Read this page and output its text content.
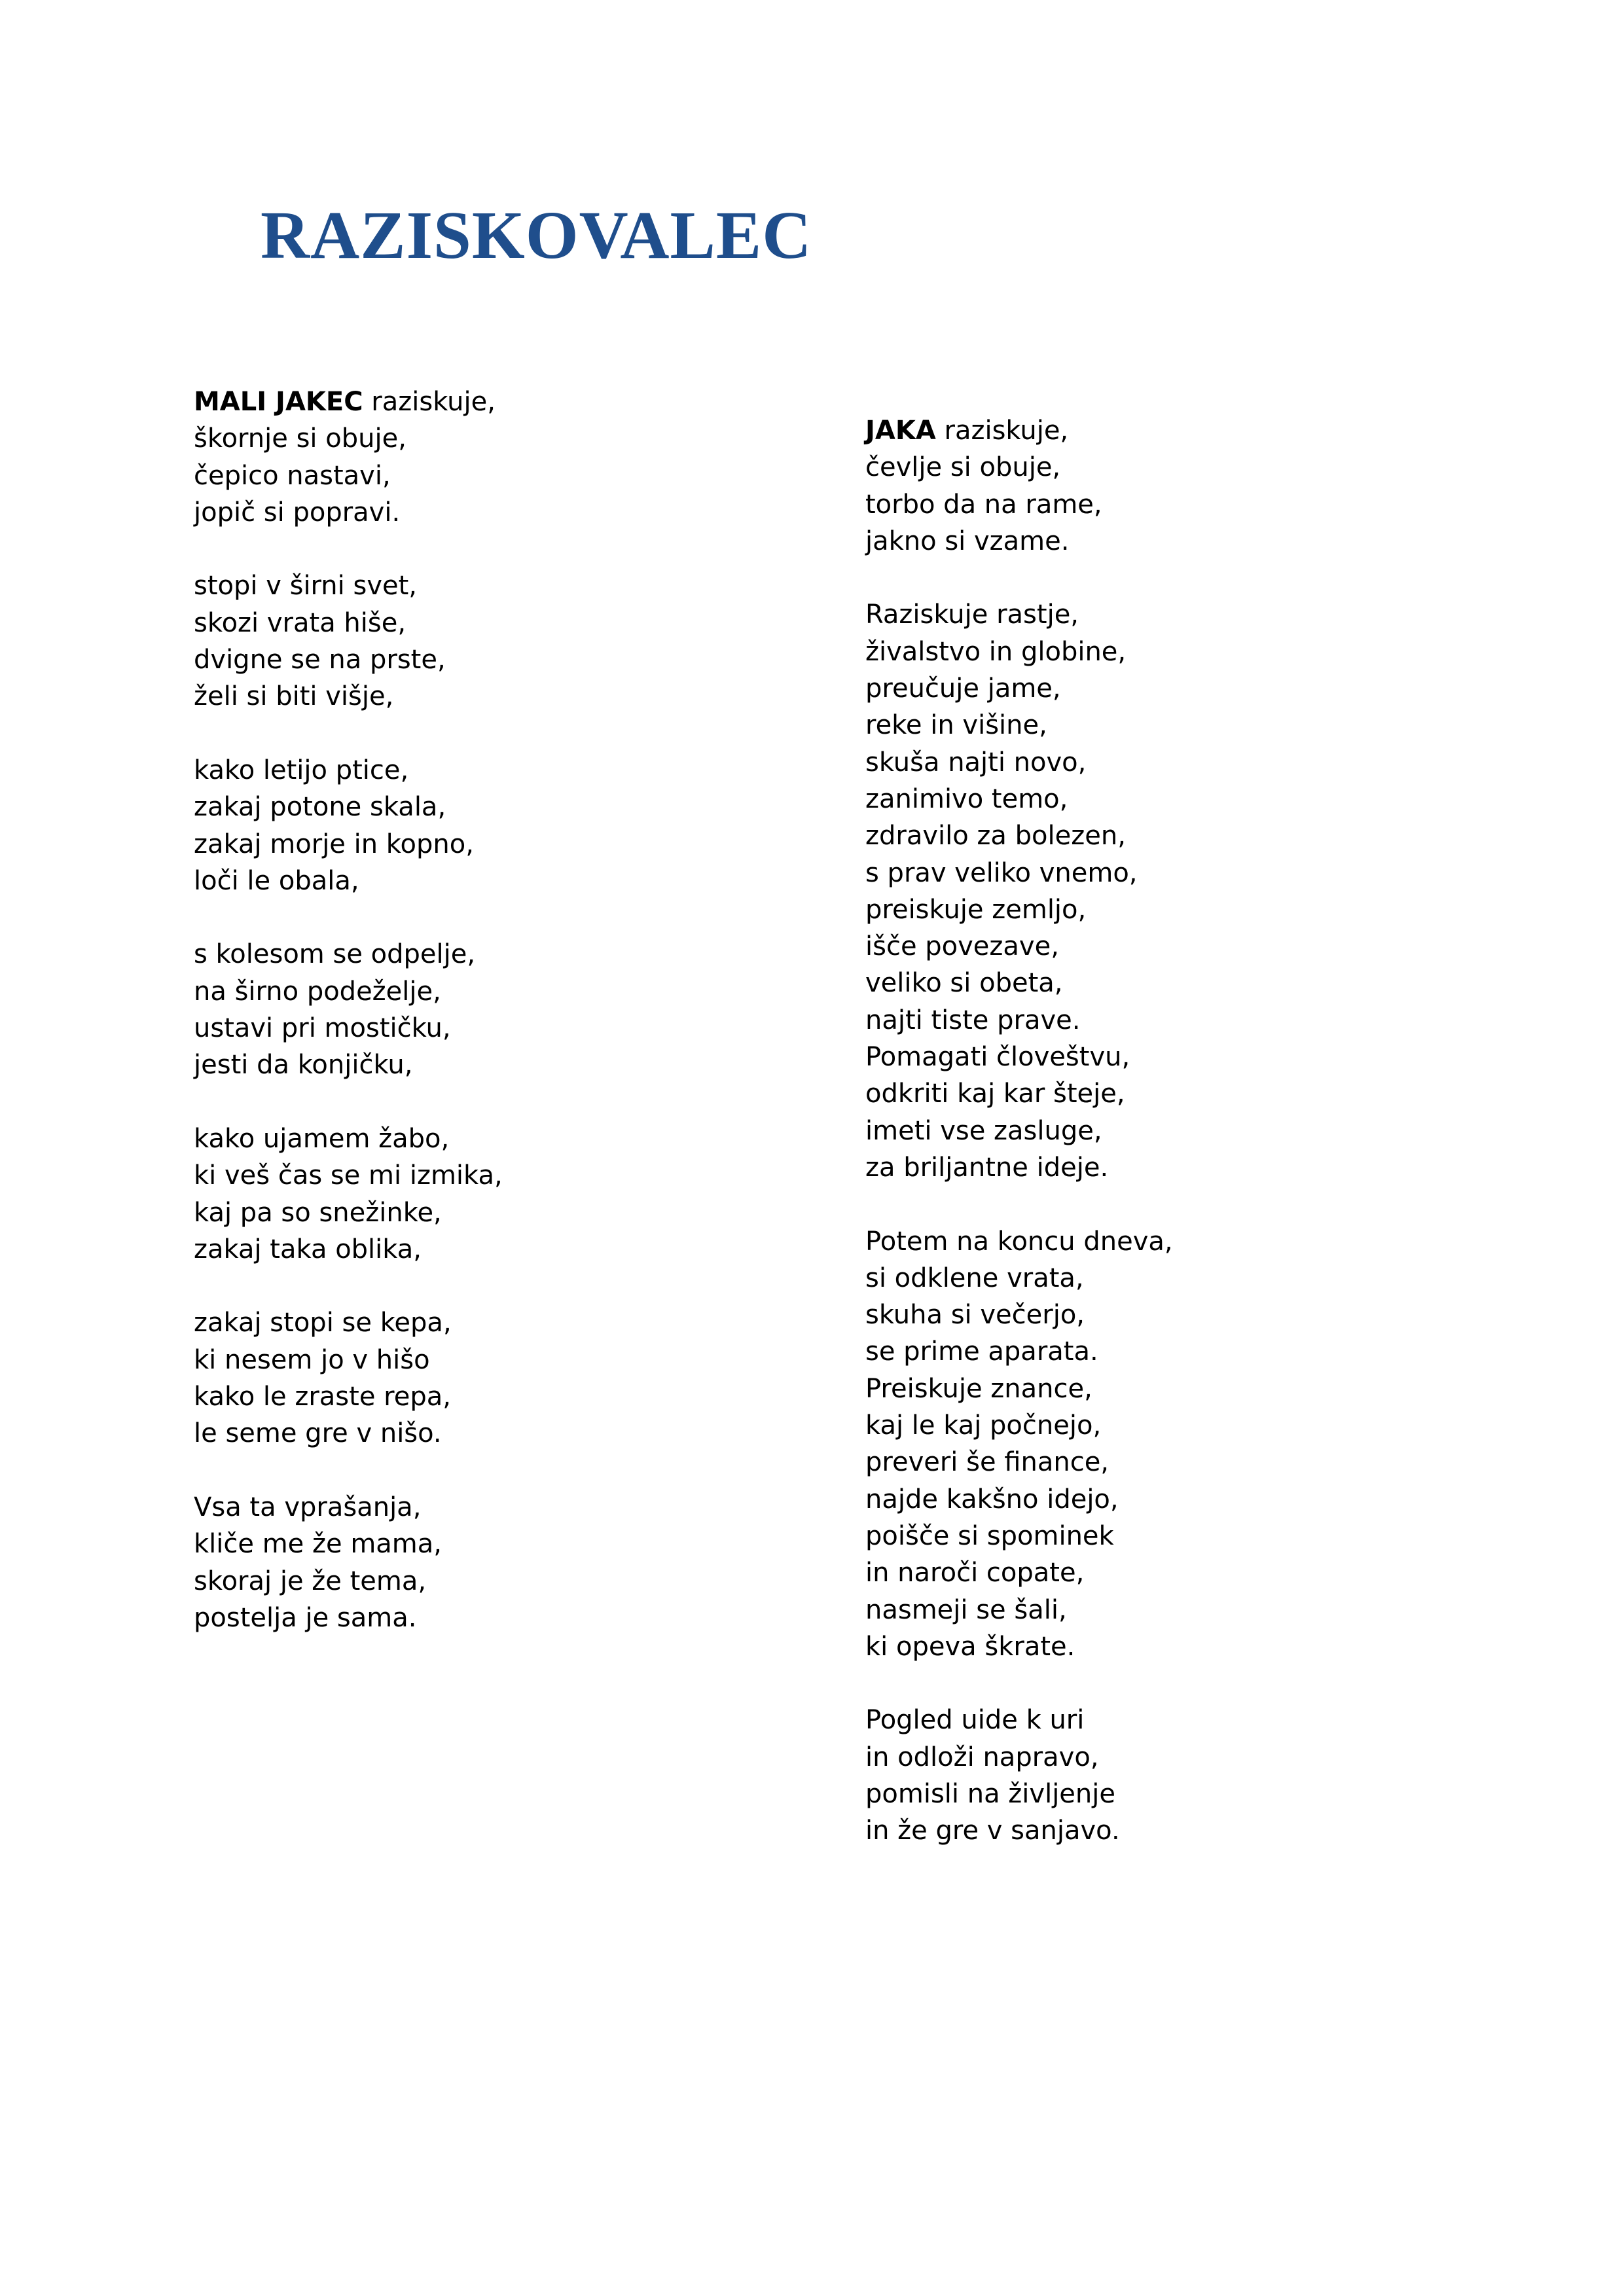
RAZISKOVALEC
MALI JAKEC raziskuje,
škornje si obuje,
čepico nastavi,
jopič si popravi.
stopi v širni svet,
skozi vrata hiše,
dvigne se na prste,
želi si biti višje,
kako letijo ptice,
zakaj potone skala,
zakaj morje in kopno,
loči le obala,
s kolesom se odpelje,
na širno podeželje,
ustavi pri mostičku,
jesti da konjičku,
kako ujamem žabo,
ki veš čas se mi izmika,
kaj pa so snežinke,
zakaj taka oblika,
zakaj stopi se kepa,
ki nesem jo v hišo
kako le zraste repa,
le seme gre v nišo.
Vsa ta vprašanja,
kliče me že mama,
skoraj je že tema,
postelja je sama.
JAKA raziskuje,
čevlje si obuje,
torbo da na rame,
jakno si vzame.
Raziskuje rastje,
živalstvo in globine,
preučuje jame,
reke in višine,
skuša najti novo,
zanimivo temo,
zdravilo za bolezen,
s prav veliko vnemo,
preiskuje zemljo,
išče povezave,
veliko si obeta,
najti tiste prave.
Pomagati človeštvu,
odkriti kaj kar šteje,
imeti vse zasluge,
za briljantne ideje.
Potem na koncu dneva,
si odklene vrata,
skuha si večerjo,
se prime aparata.
Preiskuje znance,
kaj le kaj počnejo,
preveri še finance,
najde kakšno idejo,
poišče si spominek
in naroči copate,
nasmeji se šali,
ki opeva škrate.
Pogled uide k uri
in odloži napravo,
pomisli na življenje
in že gre v sanjavo.
